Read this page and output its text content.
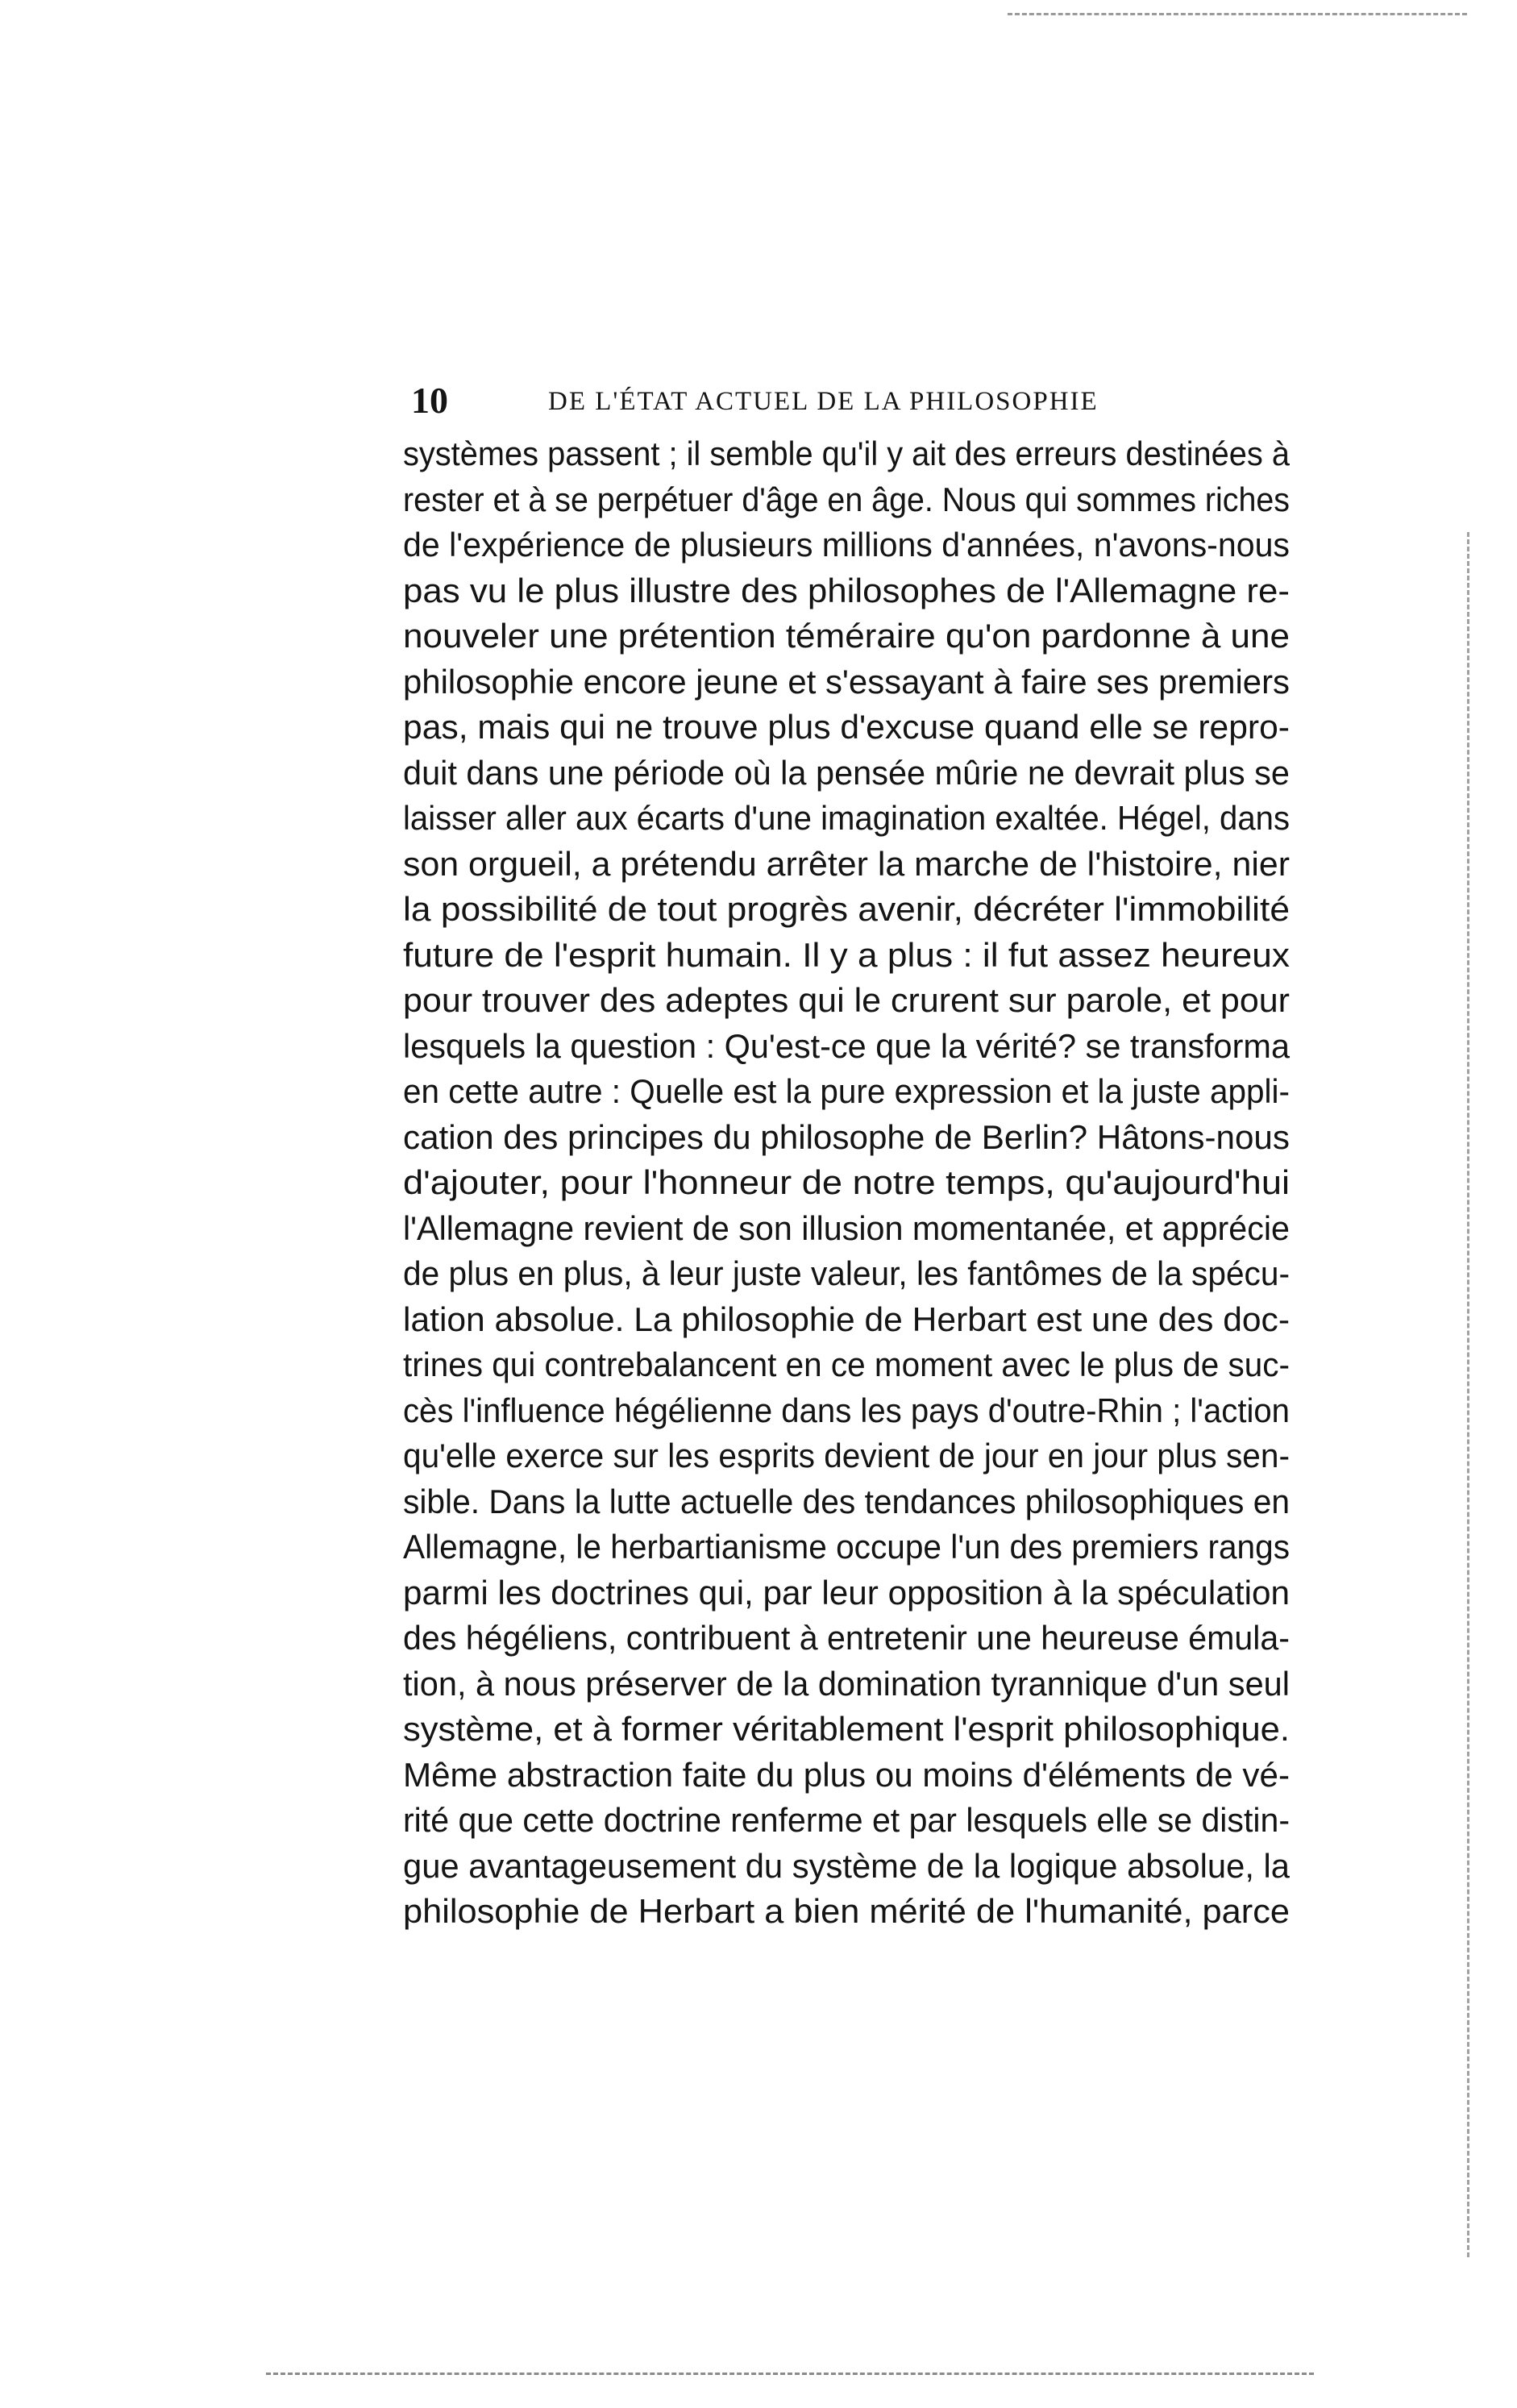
10	DE L'ÉTAT ACTUEL DE LA PHILOSOPHIE
systèmes passent ; il semble qu'il y ait des erreurs destinées à
rester et à se perpétuer d'âge en âge. Nous qui sommes riches
de l'expérience de plusieurs millions d'années, n'avons-nous
pas vu le plus illustre des philosophes de l'Allemagne re-
nouveler une prétention téméraire qu'on pardonne à une
philosophie encore jeune et s'essayant à faire ses premiers
pas, mais qui ne trouve plus d'excuse quand elle se repro-
duit dans une période où la pensée mûrie ne devrait plus se
laisser aller aux écarts d'une imagination exaltée. Hégel, dans
son orgueil, a prétendu arrêter la marche de l'histoire, nier
la possibilité de tout progrès avenir, décréter l'immobilité
future de l'esprit humain. Il y a plus : il fut assez heureux
pour trouver des adeptes qui le crurent sur parole, et pour
lesquels la question : Qu'est-ce que la vérité? se transforma
en cette autre : Quelle est la pure expression et la juste appli-
cation des principes du philosophe de Berlin? Hâtons-nous
d'ajouter, pour l'honneur de notre temps, qu'aujourd'hui
l'Allemagne revient de son illusion momentanée, et apprécie
de plus en plus, à leur juste valeur, les fantômes de la spécu-
lation absolue. La philosophie de Herbart est une des doc-
trines qui contrebalancent en ce moment avec le plus de suc-
cès l'influence hégélienne dans les pays d'outre-Rhin ; l'action
qu'elle exerce sur les esprits devient de jour en jour plus sen-
sible. Dans la lutte actuelle des tendances philosophiques en
Allemagne, le herbartianisme occupe l'un des premiers rangs
parmi les doctrines qui, par leur opposition à la spéculation
des hégéliens, contribuent à entretenir une heureuse émula-
tion, à nous préserver de la domination tyrannique d'un seul
système, et à former véritablement l'esprit philosophique.
Même abstraction faite du plus ou moins d'éléments de vé-
rité que cette doctrine renferme et par lesquels elle se distin-
gue avantageusement du système de la logique absolue, la
philosophie de Herbart a bien mérité de l'humanité, parce
